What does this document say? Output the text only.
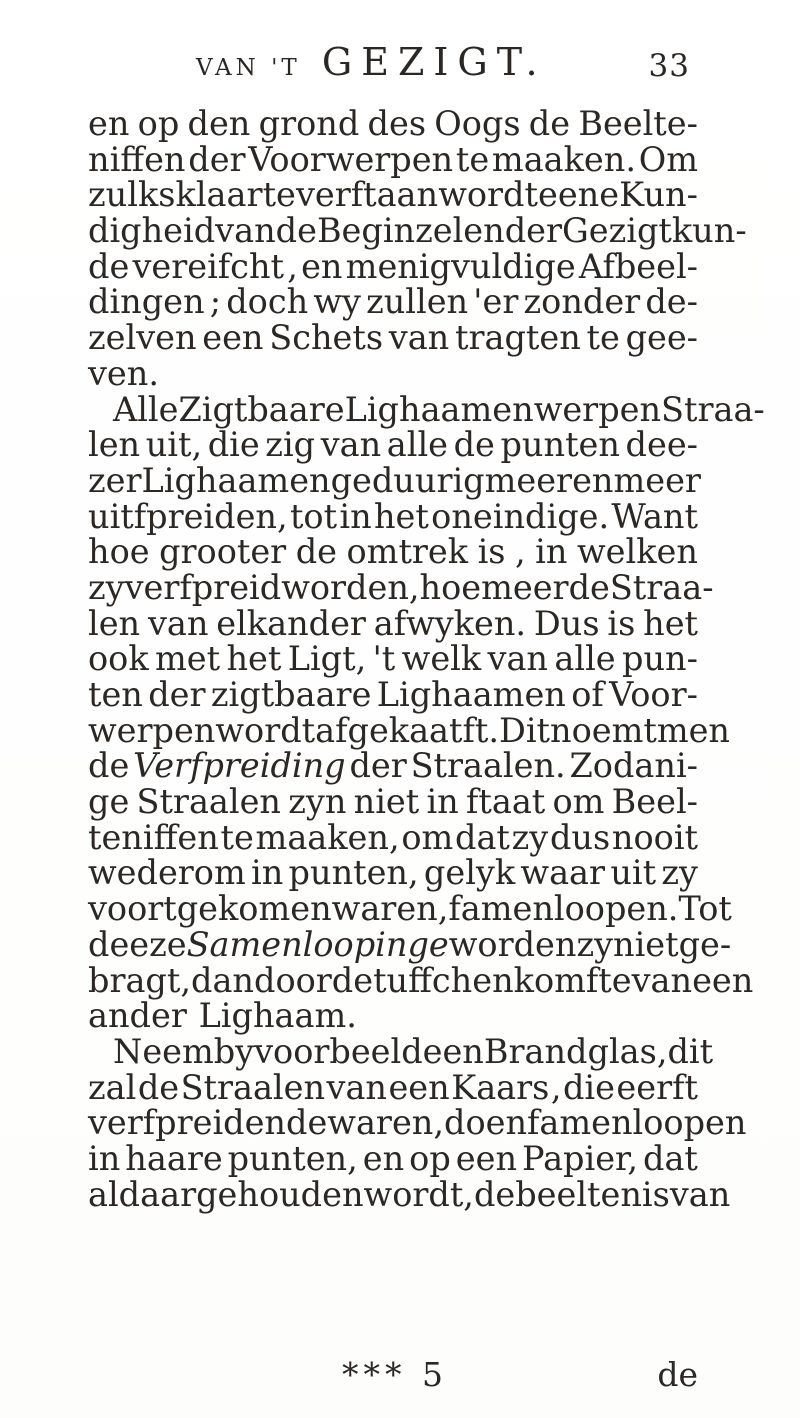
VAN 'T GEZIGT.	33
en op den grond des Oogs de Beelte-
niffen der Voorwerpen te maaken. Om
zulks klaar te verftaan wordt eene Kun-
digheid van de Beginzelen der Gezigtkun-
de vereifcht , en menigvuldige Afbeel-
dingen ; doch wy zullen 'er zonder de-
zelven een Schets van tragten te gee-
ven.
Alle Zigtbaare Lighaamen werpen Straa-
len uit, die zig van alle de punten dee-
zer Lighaamen geduurig meer en meer
uitfpreiden, tot in het oneindige. Want
hoe grooter de omtrek is , in welken
zy verfpreid worden, hoe meer de Straa-
len van elkander afwyken. Dus is het
ook met het Ligt, 't welk van alle pun-
ten der zigtbaare Lighaamen of Voor-
werpen wordt afgekaatft. Dit noemt men
de Verfpreiding der Straalen. Zodani-
ge Straalen zyn niet in ftaat om Beel-
teniffen te maaken, om dat zy dus nooit
wederom in punten, gelyk waar uit zy
voortgekomen waren, famenloopen. Tot
deeze Samenloopinge worden zy niet ge-
bragt, dan door de tuffchenkomfte van een
ander Lighaam.
Neem by voorbeeld een Brandglas, dit
zal de Straalen van een Kaars , die eerft
verfpreidende waren , doen famenloopen
in haare punten, en op een Papier, dat
aldaar gehouden wordt, de beeltenis van
*** 5	de
